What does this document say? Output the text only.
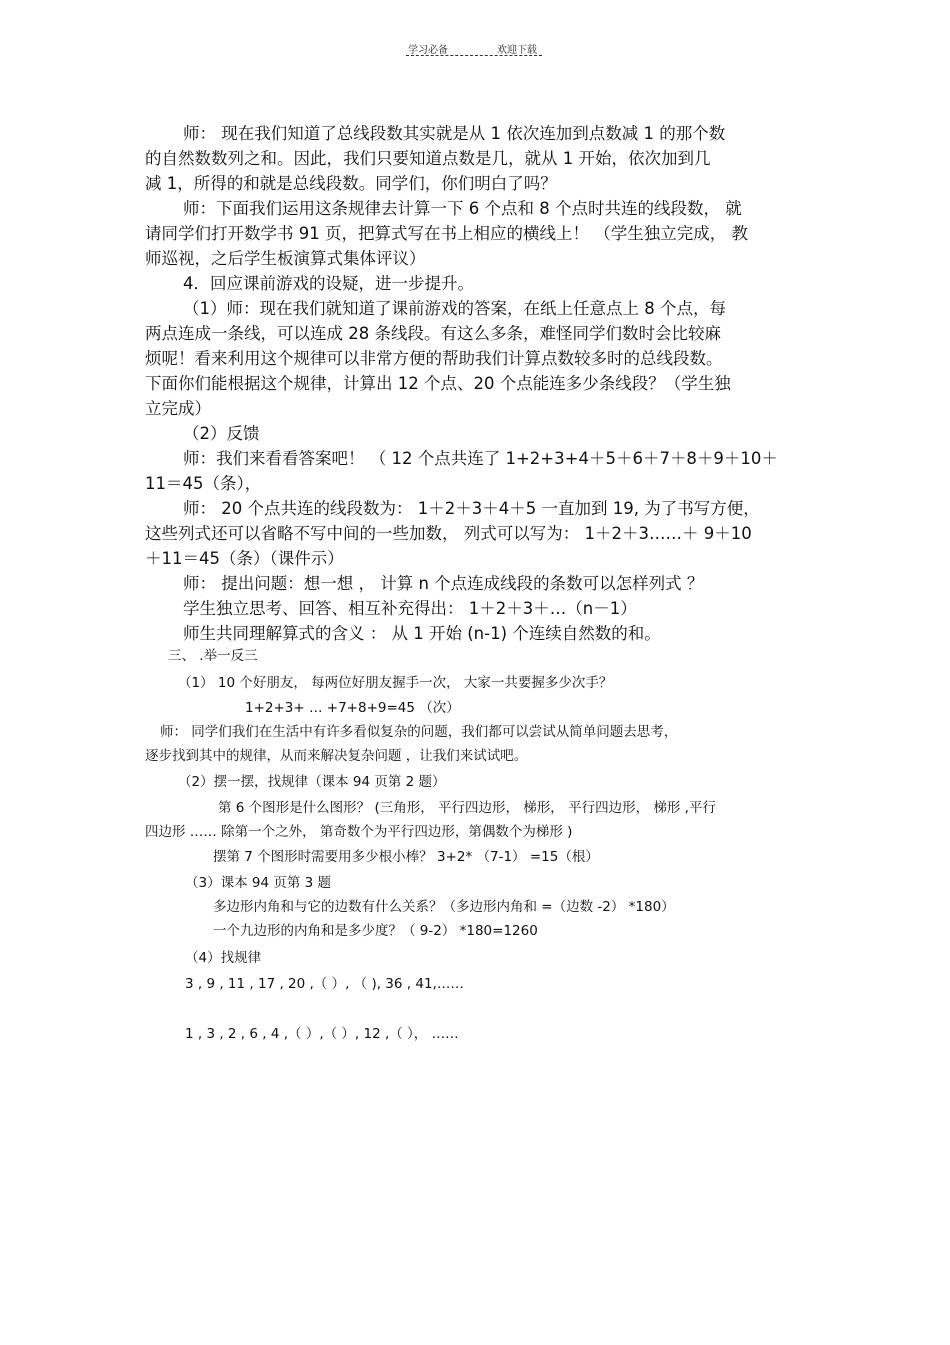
学习必备	欢迎下载
师： 现在我们知道了总线段数其实就是从 1 依次连加到点数减 1 的那个数
的自然数数列之和。因此，我们只要知道点数是几，就从 1 开始，依次加到几
减 1，所得的和就是总线段数。同学们，你们明白了吗？
师：下面我们运用这条规律去计算一下 6 个点和 8 个点时共连的线段数， 就
请同学们打开数学书 91 页，把算式写在书上相应的横线上！ （学生独立完成， 教
师巡视，之后学生板演算式集体评议）
4．回应课前游戏的设疑，进一步提升。
（1）师：现在我们就知道了课前游戏的答案，在纸上任意点上 8 个点，每
两点连成一条线，可以连成 28 条线段。有这么多条，难怪同学们数时会比较麻
烦呢！看来利用这个规律可以非常方便的帮助我们计算点数较多时的总线段数。
下面你们能根据这个规律，计算出 12 个点、20 个点能连多少条线段？（学生独
立完成）
（2）反馈
师：我们来看看答案吧！ （ 12 个点共连了 1+2+3+4＋5＋6＋7＋8＋9＋10＋
11＝45（条），
师： 20 个点共连的线段数为： 1＋2＋3＋4＋5 一直加到 19, 为了书写方便，
这些列式还可以省略不写中间的一些加数， 列式可以写为： 1＋2＋3……＋ 9＋10
＋11＝45（条）（课件示）
师： 提出问题：想一想 ， 计算 n 个点连成线段的条数可以怎样列式 ？
学生独立思考、回答、相互补充得出： 1＋2＋3＋…（n－1）
师生共同理解算式的含义 ： 从 1 开始 (n-1) 个连续自然数的和。
三、 .举一反三
（1） 10 个好朋友， 每两位好朋友握手一次， 大家一共要握多少次手？
1+2+3+ … +7+8+9=45 （次）
师： 同学们我们在生活中有许多看似复杂的问题，我们都可以尝试从简单问题去思考，
逐步找到其中的规律，从而来解决复杂问题 ，让我们来试试吧。
（2）摆一摆，找规律（课本 94 页第 2 题）
第 6 个图形是什么图形？ (三角形， 平行四边形， 梯形， 平行四边形， 梯形 ,平行
四边形 …… 除第一个之外， 第奇数个为平行四边形，第偶数个为梯形 )
摆第 7 个图形时需要用多少根小棒？ 3+2* （7-1） =15（根）
（3）课本 94 页第 3 题
多边形内角和与它的边数有什么关系？（多边形内角和 =（边数 -2） *180）
一个九边形的内角和是多少度？（ 9-2） *180=1260
（4）找规律
3 , 9 , 11 , 17 , 20 ,（ ）, （ ), 36 , 41,……
1 , 3 , 2 , 6 , 4 ,（ ）,（ ）, 12 ,（ ）， ……
